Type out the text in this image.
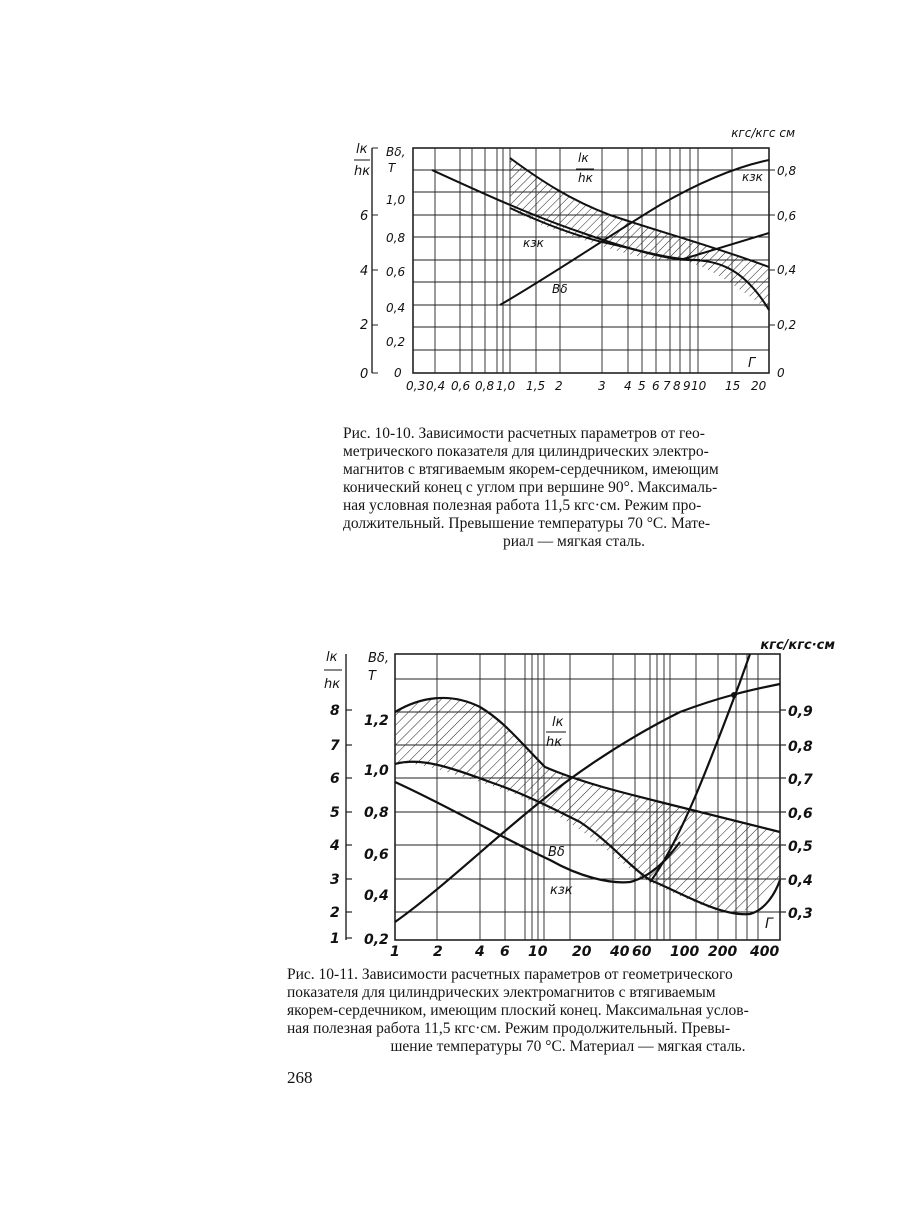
кгс/кгс см
lк
hк
Bδ,
T
6
4
2
0
1,0
0,8
0,6
0,4
0,2
0
0,8
0,6
0,4
0,2
0
0,3 0,4 0,6 0,8 1,0 1,5 2	3 4 5 6 7 8 9 10 15 20
lк
hк
кзк
кзк
Bδ
Г
Рис. 10-10. Зависимости расчетных параметров от гео-
метрического показателя для цилиндрических электро-
магнитов с втягиваемым якорем-сердечником, имеющим
конический конец с углом при вершине 90°. Максималь-
ная условная полезная работа 11,5 кгс·см. Режим про-
должительный. Превышение температуры 70 °С. Мате-
риал — мягкая сталь.
кгс/кгс·см
lк
hк
Bδ,
T
8
7
6
5
4
3
2
1
1,2
1,0
0,8
0,6
0,4
0,2
0,9
0,8
0,7
0,6
0,5
0,4
0,3
1 2 4 6 10 20 40 60 100 200 400
lк
hк
Bδ
кзк
Г
Рис. 10-11. Зависимости расчетных параметров от геометрического
показателя для цилиндрических электромагнитов с втягиваемым
якорем-сердечником, имеющим плоский конец. Максимальная услов-
ная полезная работа 11,5 кгс·см. Режим продолжительный. Превы-
шение температуры 70 °С. Материал — мягкая сталь.
268
